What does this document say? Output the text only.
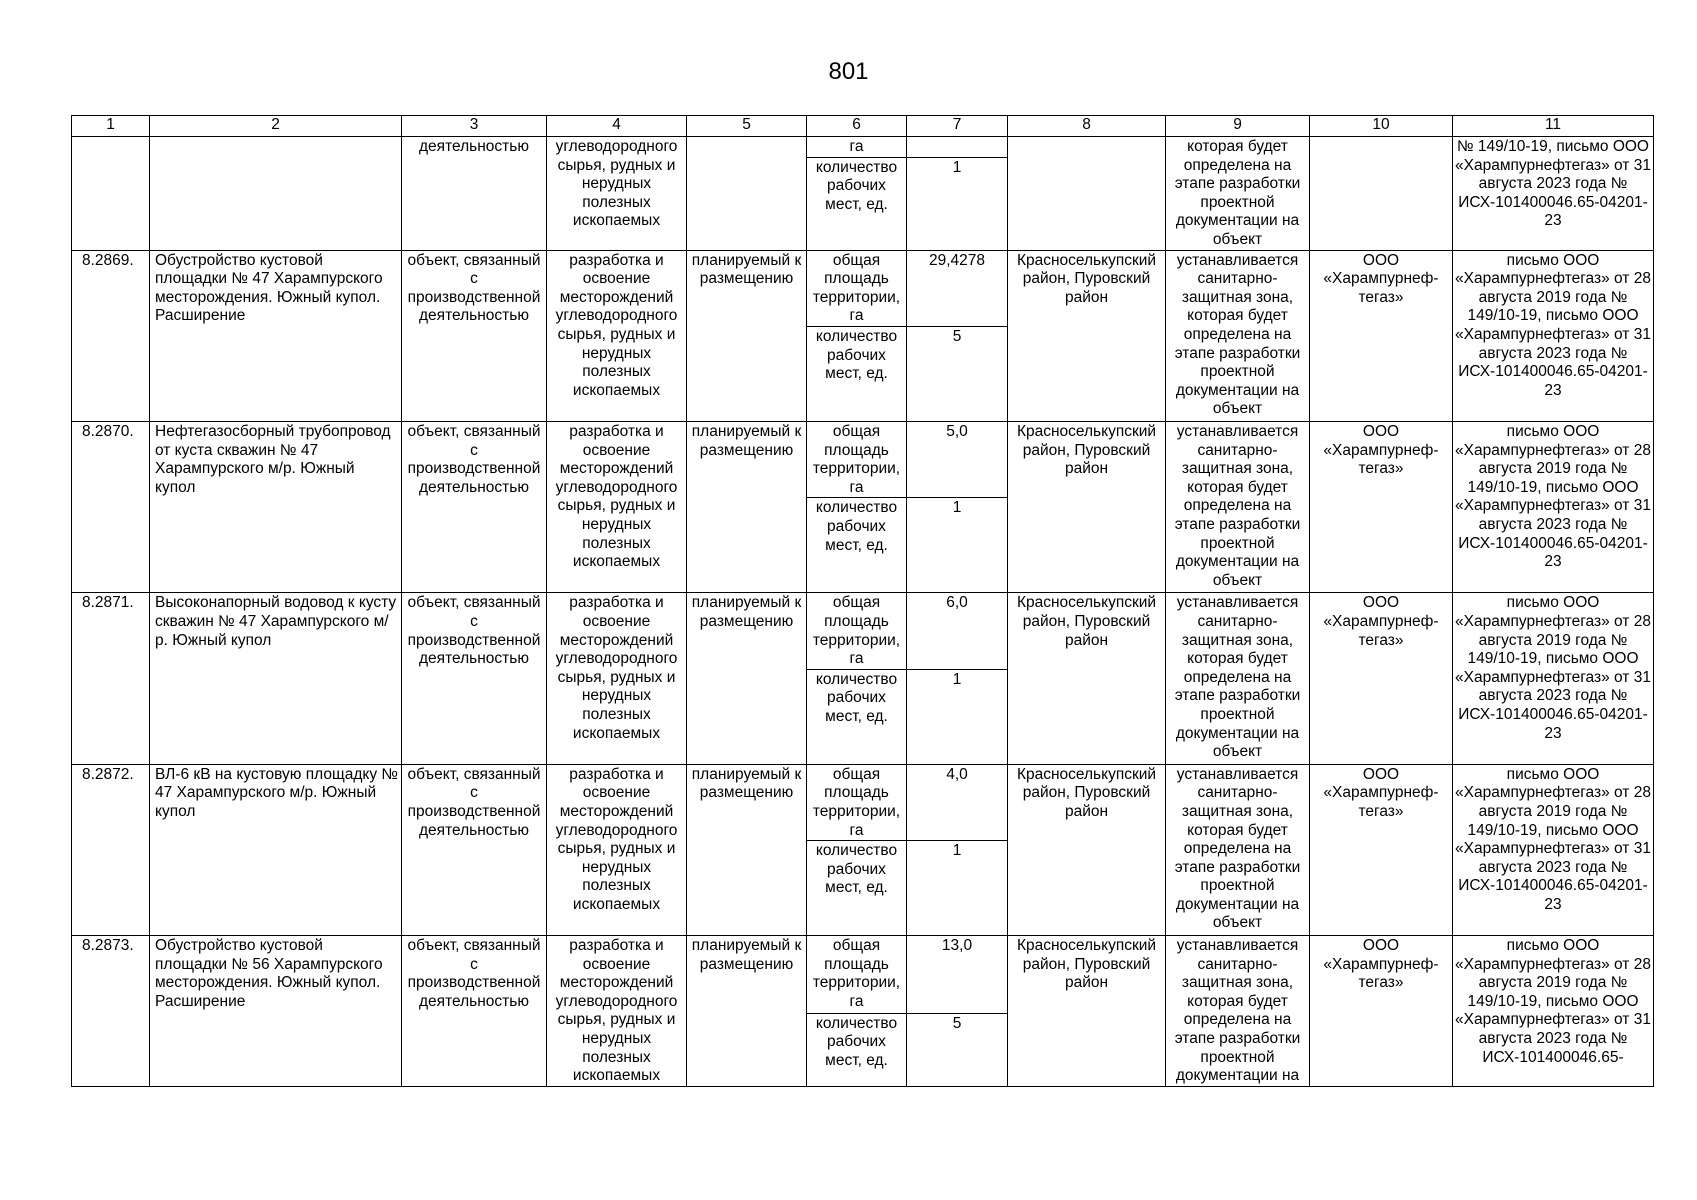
801
1	2	3	4	5	6	7	8	9	10	11
		деятельностью	углеводородного сырья, рудных и нерудных полезных ископаемых		га			которая будет определена на этапе разработки проектной документации на объект		№ 149/10-19, письмо ООО «Харампурнефтегаз» от 31 августа 2023 года № ИСХ-101400046.65-04201-23
					количество рабочих мест, ед.	1				
8.2869.	Обустройство кустовой площадки № 47 Харампурского месторождения. Южный купол. Расширение	объект, связанный с производственной деятельностью	разработка и освоение месторождений углеводородного сырья, рудных и нерудных полезных ископаемых	планируемый к размещению	общая площадь территории, га	29,4278	Красноселькупский район, Пуровский район	устанавливается санитарно-защитная зона, которая будет определена на этапе разработки проектной документации на объект	ООО «Харампурнеф-тегаз»	письмо ООО «Харампурнефтегаз» от 28 августа 2019 года № 149/10-19, письмо ООО «Харампурнефтегаз» от 31 августа 2023 года № ИСХ-101400046.65-04201-23
					количество рабочих мест, ед.	5				
8.2870.	Нефтегазосборный трубопровод от куста скважин № 47 Харампурского м/р. Южный купол	объект, связанный с производственной деятельностью	разработка и освоение месторождений углеводородного сырья, рудных и нерудных полезных ископаемых	планируемый к размещению	общая площадь территории, га	5,0	Красноселькупский район, Пуровский район	устанавливается санитарно-защитная зона, которая будет определена на этапе разработки проектной документации на объект	ООО «Харампурнеф-тегаз»	письмо ООО «Харампурнефтегаз» от 28 августа 2019 года № 149/10-19, письмо ООО «Харампурнефтегаз» от 31 августа 2023 года № ИСХ-101400046.65-04201-23
					количество рабочих мест, ед.	1				
8.2871.	Высоконапорный водовод к кусту скважин № 47 Харампурского м/р. Южный купол	объект, связанный с производственной деятельностью	разработка и освоение месторождений углеводородного сырья, рудных и нерудных полезных ископаемых	планируемый к размещению	общая площадь территории, га	6,0	Красноселькупский район, Пуровский район	устанавливается санитарно-защитная зона, которая будет определена на этапе разработки проектной документации на объект	ООО «Харампурнеф-тегаз»	письмо ООО «Харампурнефтегаз» от 28 августа 2019 года № 149/10-19, письмо ООО «Харампурнефтегаз» от 31 августа 2023 года № ИСХ-101400046.65-04201-23
					количество рабочих мест, ед.	1				
8.2872.	ВЛ-6 кВ на кустовую площадку № 47 Харампурского м/р. Южный купол	объект, связанный с производственной деятельностью	разработка и освоение месторождений углеводородного сырья, рудных и нерудных полезных ископаемых	планируемый к размещению	общая площадь территории, га	4,0	Красноселькупский район, Пуровский район	устанавливается санитарно-защитная зона, которая будет определена на этапе разработки проектной документации на объект	ООО «Харампурнеф-тегаз»	письмо ООО «Харампурнефтегаз» от 28 августа 2019 года № 149/10-19, письмо ООО «Харампурнефтегаз» от 31 августа 2023 года № ИСХ-101400046.65-04201-23
					количество рабочих мест, ед.	1				
8.2873.	Обустройство кустовой площадки № 56 Харампурского месторождения. Южный купол. Расширение	объект, связанный с производственной деятельностью	разработка и освоение месторождений углеводородного сырья, рудных и нерудных полезных ископаемых	планируемый к размещению	общая площадь территории, га	13,0	Красноселькупский район, Пуровский район	устанавливается санитарно-защитная зона, которая будет определена на этапе разработки проектной документации на	ООО «Харампурнеф-тегаз»	письмо ООО «Харампурнефтегаз» от 28 августа 2019 года № 149/10-19, письмо ООО «Харампурнефтегаз» от 31 августа 2023 года № ИСХ-101400046.65-
					количество рабочих мест, ед.	5				
